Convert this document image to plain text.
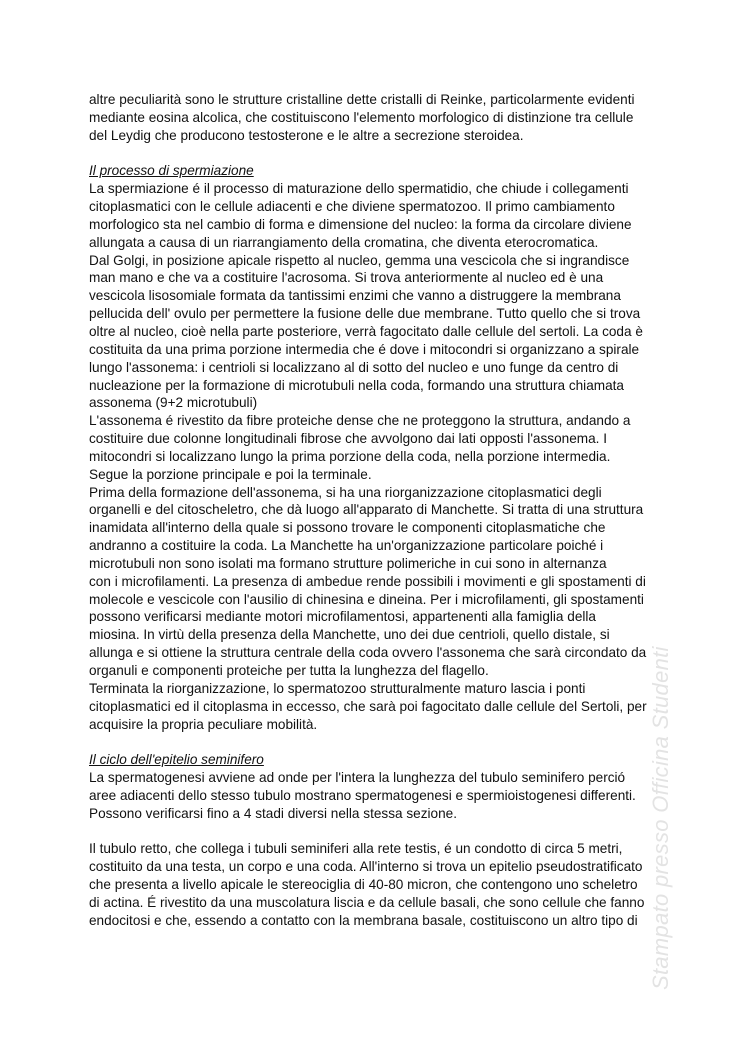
altre peculiarità sono le strutture cristalline dette cristalli di Reinke, particolarmente evidenti
mediante eosina alcolica, che costituiscono l'elemento morfologico di distinzione tra cellule
del Leydig che producono testosterone e le altre a secrezione steroidea.
Il processo di spermiazione
La spermiazione é il processo di maturazione dello spermatidio, che chiude i collegamenti
citoplasmatici con le cellule adiacenti e che diviene spermatozoo. Il primo cambiamento
morfologico sta nel cambio di forma e dimensione del nucleo: la forma da circolare diviene
allungata a causa di un riarrangiamento della cromatina, che diventa eterocromatica.
Dal Golgi, in posizione apicale rispetto al nucleo, gemma una vescicola che si ingrandisce
man mano e che va a costituire l'acrosoma. Si trova anteriormente al nucleo ed è una
vescicola lisosomiale formata da tantissimi enzimi che vanno a distruggere la membrana
pellucida dell' ovulo per permettere la fusione delle due membrane. Tutto quello che si trova
oltre al nucleo, cioè nella parte posteriore, verrà fagocitato dalle cellule del sertoli. La coda è
costituita da una prima porzione intermedia che é dove i mitocondri si organizzano a spirale
lungo l'assonema: i centrioli si localizzano al di sotto del nucleo e uno funge da centro di
nucleazione per la formazione di microtubuli nella coda, formando una struttura chiamata
assonema (9+2 microtubuli)
L'assonema é rivestito da fibre proteiche dense che ne proteggono la struttura, andando a
costituire due colonne longitudinali fibrose che avvolgono dai lati opposti l'assonema. I
mitocondri si localizzano lungo la prima porzione della coda, nella porzione intermedia.
Segue la porzione principale e poi la terminale.
Prima della formazione dell'assonema, si ha una riorganizzazione citoplasmatici degli
organelli e del citoscheletro, che dà luogo all'apparato di Manchette. Si tratta di una struttura
inamidata all'interno della quale si possono trovare le componenti citoplasmatiche che
andranno a costituire la coda. La Manchette ha un'organizzazione particolare poiché i
microtubuli non sono isolati ma formano strutture polimeriche in cui sono in alternanza
con i microfilamenti. La presenza di ambedue rende possibili i movimenti e gli spostamenti di
molecole e vescicole con l'ausilio di chinesina e dineina. Per i microfilamenti, gli spostamenti
possono verificarsi mediante motori microfilamentosi, appartenenti alla famiglia della
miosina. In virtù della presenza della Manchette, uno dei due centrioli, quello distale, si
allunga e si ottiene la struttura centrale della coda ovvero l'assonema che sarà circondato da
organuli e componenti proteiche per tutta la lunghezza del flagello.
Terminata la riorganizzazione, lo spermatozoo strutturalmente maturo lascia i ponti
citoplasmatici ed il citoplasma in eccesso, che sarà poi fagocitato dalle cellule del Sertoli, per
acquisire la propria peculiare mobilità.
Il ciclo dell'epitelio seminifero
La spermatogenesi avviene ad onde per l'intera la lunghezza del tubulo seminifero perció
aree adiacenti dello stesso tubulo mostrano spermatogenesi e spermioistogenesi differenti.
Possono verificarsi fino a 4 stadi diversi nella stessa sezione.
Il tubulo retto, che collega i tubuli seminiferi alla rete testis, é un condotto di circa 5 metri,
costituito da una testa, un corpo e una coda. All'interno si trova un epitelio pseudostratificato
che presenta a livello apicale le stereociglia di 40-80 micron, che contengono uno scheletro
di actina. É rivestito da una muscolatura liscia e da cellule basali, che sono cellule che fanno
endocitosi e che, essendo a contatto con la membrana basale, costituiscono un altro tipo di Stampato presso Officina Studenti
